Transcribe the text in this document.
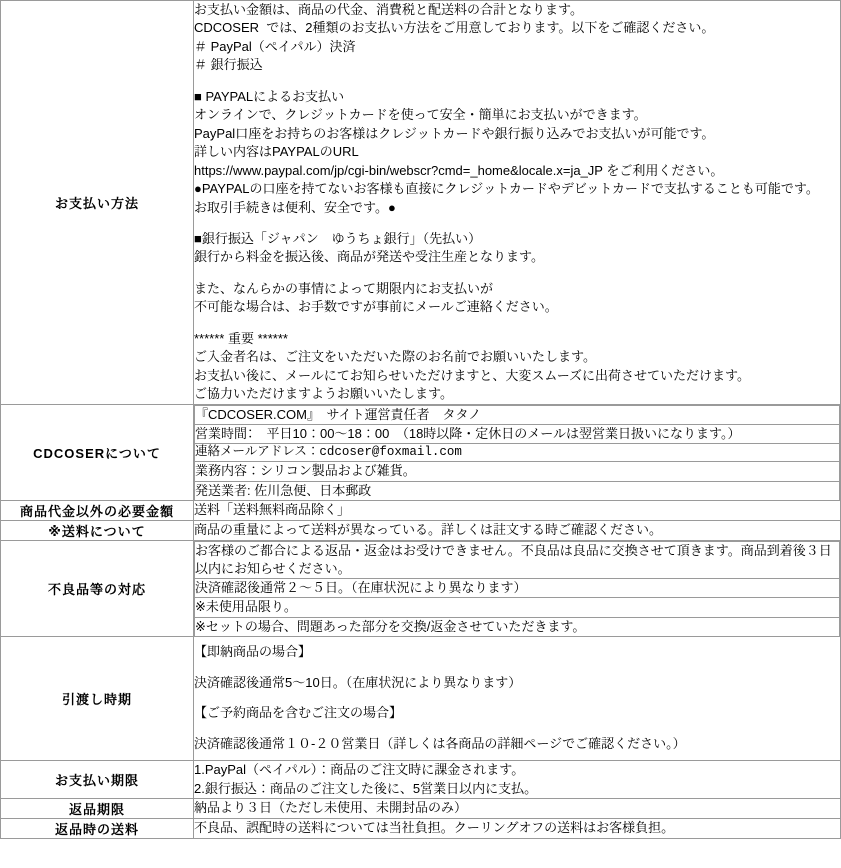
お支払い方法	
お支払い金額は、商品の代金、消費税と配送料の合計となります。
CDCOSER  では、2種類のお支払い方法をご用意しております。以下をご確認ください。
＃ PayPal（ペイパル）決済
＃ 銀行振込

■ PAYPALによるお支払い
オンラインで、クレジットカードを使って安全・簡単にお支払いができます。
PayPal口座をお持ちのお客様はクレジットカードや銀行振り込みでお支払いが可能です。
詳しい内容はPAYPALのURL
https://www.paypal.com/jp/cgi-bin/webscr?cmd=_home&locale.x=ja_JP をご利用ください。
●PAYPALの口座を持てないお客様も直接にクレジットカードやデビットカードで支払することも可能です。
お取引手続きは便利、安全です。●

■銀行振込「ジャパン　ゆうちょ銀行」（先払い）
銀行から料金を振込後、商品が発送や受注生産となります。

また、なんらかの事情によって期限内にお支払いが
不可能な場合は、お手数ですが事前にメールご連絡ください。

****** 重要 ******
ご入金者名は、ご注文をいただいた際のお名前でお願いいたします。
お支払い後に、メールにてお知らせいただけますと、大変スムーズに出荷させていただけます。
ご協力いただけますようお願いいたします。

CDCOSERについて	
『CDCOSER.COM』　サイト運営責任者　タタノ
営業時間：　平日10：00～18：00　（18時以降・定休日のメールは翌営業日扱いになります。）
連絡メールアドレス：cdcoser@foxmail.com
業務内容：シリコン製品および雑貨。
発送業者: 佐川急便、日本郵政

商品代金以外の必要金額	送料「送料無料商品除く」

※送料について	商品の重量によって送料が異なっている。詳しくは註文する時ご確認ください。

不良品等の対応	
お客様のご都合による返品・返金はお受けできません。不良品は良品に交換させて頂きます。商品到着後３日以内にお知らせください。
決済確認後通常２～５日。（在庫状況により異なります）
※未使用品限り。
※セットの場合、問題あった部分を交換/返金させていただきます。

引渡し時期	
【即納商品の場合】
決済確認後通常5～10日。（在庫状況により異なります）
【ご予約商品を含むご注文の場合】
決済確認後通常１０-２０営業日（詳しくは各商品の詳細ページでご確認ください。）

お支払い期限	
1.PayPal（ペイパル）：商品のご注文時に課金されます。
2.銀行振込：商品のご注文した後に、5営業日以内に支払。

返品期限	納品より３日（ただし未使用、未開封品のみ）

返品時の送料	不良品、誤配時の送料については当社負担。クーリングオフの送料はお客様負担。
